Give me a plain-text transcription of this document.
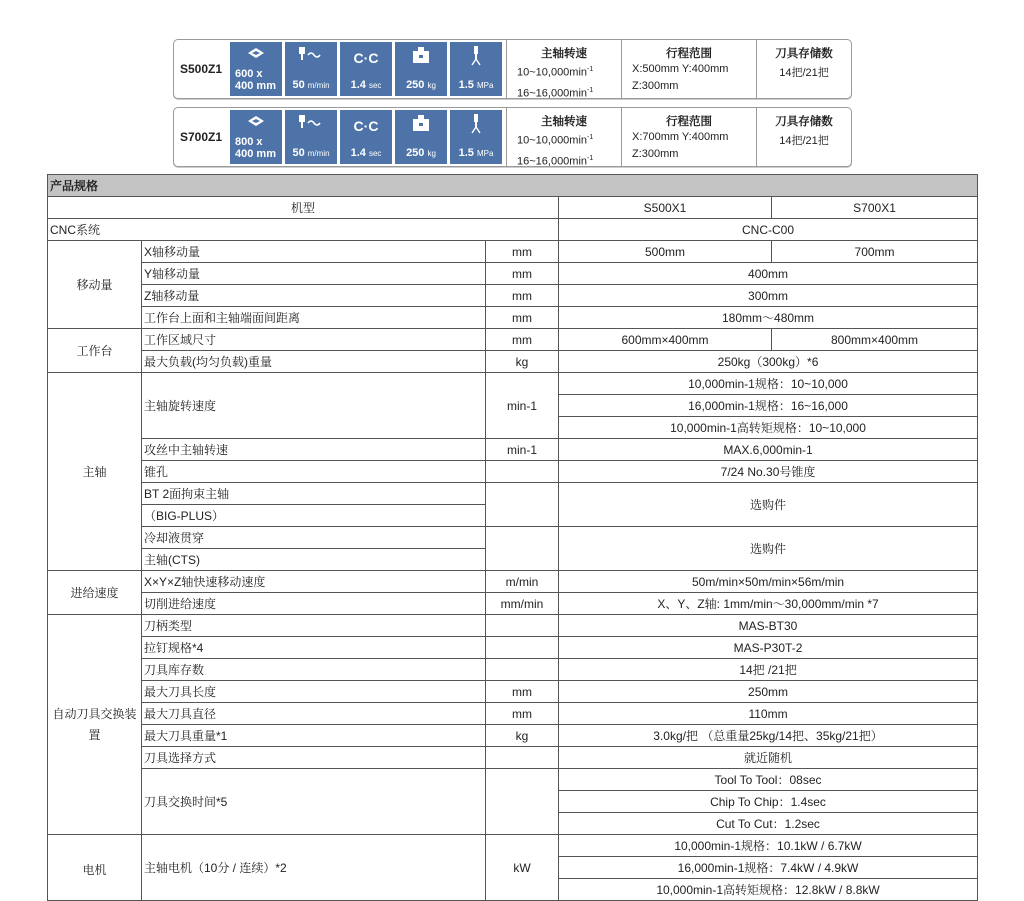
S500Z1	600 x
400 mm	50 m/min
C·C
1.4 sec	250 kg	1.5 MPa
主轴转速
$10\sim 10,000\min^{-1}$
$16\sim 16,000\min^{-1}$
行程范围
X:500mm Y:400mm
Z:300mm
刀具存储数
14把/21把
S700Z1	800 x
400 mm	50 m/min
C·C
1.4 sec	250 kg	1.5 MPa
主轴转速
$10\sim 10,000\min^{-1}$
$16\sim 16,000\min^{-1}$
行程范围
X:700mm Y:400mm
Z:300mm
刀具存储数
14把/21把
产品规格				
机型			S500X1	S700X1
CNC系统			CNC-C00	
移动量	X轴移动量	mm	500mm	700mm
	Y轴移动量	mm	400mm	
	Z轴移动量	mm	300mm	
	工作台上面和主轴端面间距离	mm	180mm～480mm	
工作台	工作区域尺寸	mm	600mm×400mm	800mm×400mm
	最大负载(均匀负载)重量	kg	250kg（300kg）*6	
主轴	主轴旋转速度	min-1	10,000min-1规格：10~10,000	
			16,000min-1规格：16~16,000	
			10,000min-1高转矩规格：10~10,000	
	攻丝中主轴转速	min-1	MAX.6,000min-1	
	锥孔		7/24 No.30号锥度	
	BT 2面拘束主轴		选购件	
	（BIG-PLUS）			
	冷却液贯穿		选购件	
	主轴(CTS)			
进给速度	X×Y×Z轴快速移动速度	m/min	50m/min×50m/min×56m/min	
	切削进给速度	mm/min	X、Y、Z轴: 1mm/min～30,000mm/min *7	
自动刀具交换装置	刀柄类型		MAS-BT30	
	拉钉规格*4		MAS-P30T-2	
	刀具库存数		14把 /21把	
	最大刀具长度	mm	250mm	
	最大刀具直径	mm	110mm	
	最大刀具重量*1	kg	3.0kg/把 （总重量25kg/14把、35kg/21把）	
	刀具选择方式		就近随机	
	刀具交换时间*5		Tool To Tool：08sec	
			Chip To Chip：1.4sec	
			Cut To Cut：1.2sec	
电机	主轴电机（10分 / 连续）*2	kW	10,000min-1规格：10.1kW / 6.7kW	
			16,000min-1规格：7.4kW / 4.9kW	
			10,000min-1高转矩规格：12.8kW / 8.8kW	
